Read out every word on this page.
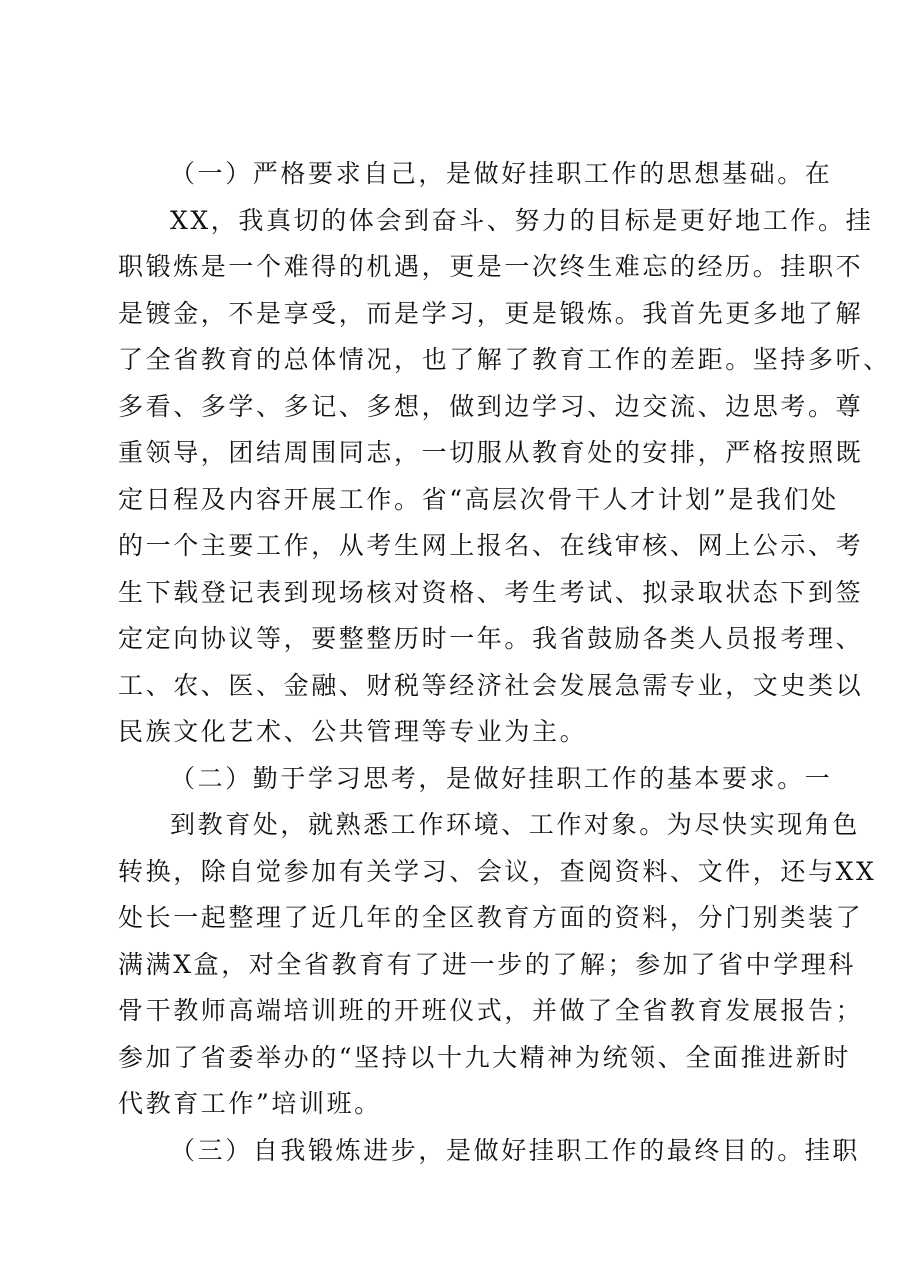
（一）严格要求自己，是做好挂职工作的思想基础。在
XX，我真切的体会到奋斗、努力的目标是更好地工作。挂
职锻炼是一个难得的机遇，更是一次终生难忘的经历。挂职不
是镀金，不是享受，而是学习，更是锻炼。我首先更多地了解
了全省教育的总体情况，也了解了教育工作的差距。坚持多听、
多看、多学、多记、多想，做到边学习、边交流、边思考。尊
重领导，团结周围同志，一切服从教育处的安排，严格按照既
定日程及内容开展工作。省“高层次骨干人才计划”是我们处
的一个主要工作，从考生网上报名、在线审核、网上公示、考
生下载登记表到现场核对资格、考生考试、拟录取状态下到签
定定向协议等，要整整历时一年。我省鼓励各类人员报考理、
工、农、医、金融、财税等经济社会发展急需专业，文史类以
民族文化艺术、公共管理等专业为主。
（二）勤于学习思考，是做好挂职工作的基本要求。一
到教育处，就熟悉工作环境、工作对象。为尽快实现角色
转换，除自觉参加有关学习、会议，查阅资料、文件，还与XX
处长一起整理了近几年的全区教育方面的资料，分门别类装了
满满X盒，对全省教育有了进一步的了解；参加了省中学理科
骨干教师高端培训班的开班仪式，并做了全省教育发展报告；
参加了省委举办的“坚持以十九大精神为统领、全面推进新时
代教育工作”培训班。
（三）自我锻炼进步，是做好挂职工作的最终目的。挂职
